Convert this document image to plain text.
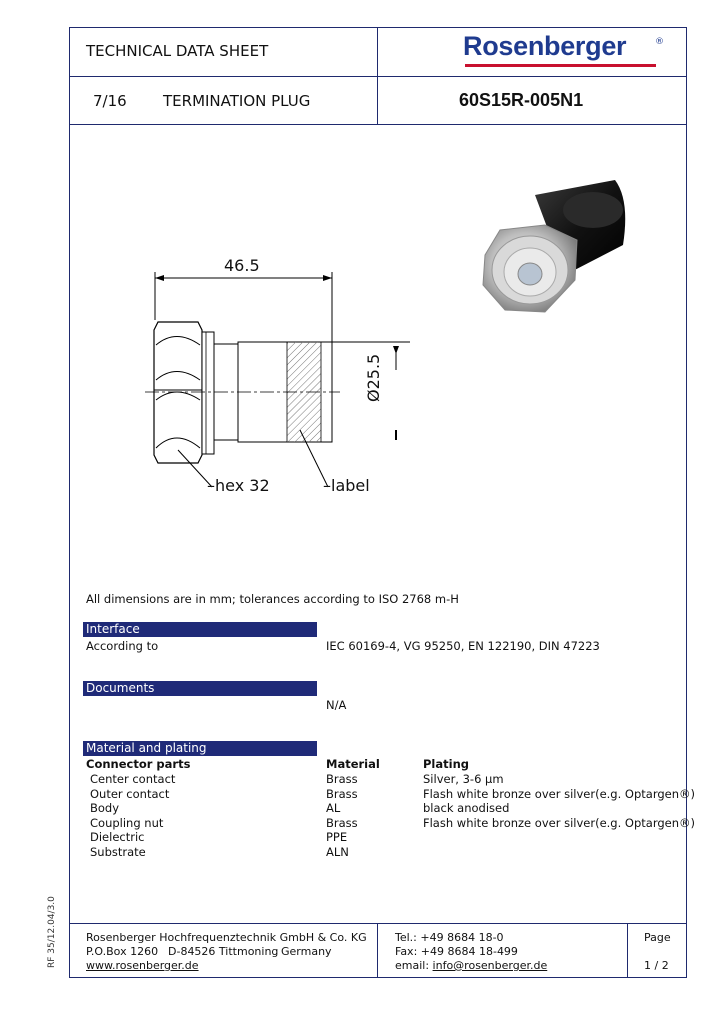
TECHNICAL DATA SHEET	Rosenberger	®
7/16 TERMINATION PLUG	60S15R-005N1
46.5
Ø25.5
–hex 32	–label
All dimensions are in mm; tolerances according to ISO 2768 m-H
Interface
According to	IEC 60169-4, VG 95250, EN 122190, DIN 47223
Documents
N/A
Material and plating
Connector parts	Material	Plating
Center contact	Brass	Silver, 3-6 µm
Outer contact	Brass	Flash white bronze over silver(e.g. Optargen®)
Body	AL	black anodised
Coupling nut	Brass	Flash white bronze over silver(e.g. Optargen®)
Dielectric	PPE
Substrate	ALN
Rosenberger Hochfrequenztechnik GmbH & Co. KG
P.O.Box 1260 D-84526 Tittmoning Germany
www.rosenberger.de
Tel.: +49 8684 18-0
Fax: +49 8684 18-499
email: info@rosenberger.de
Page
1 / 2
RF 35/12.04/3.0
